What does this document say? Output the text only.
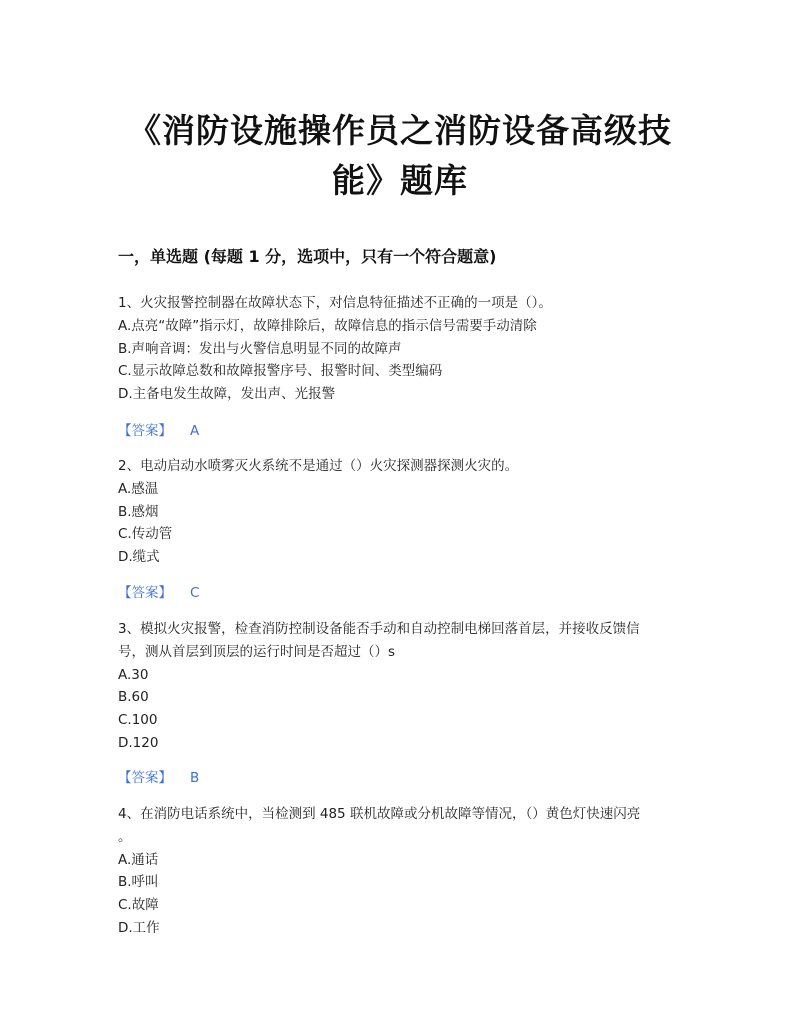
《消防设施操作员之消防设备高级技
能》题库
一，单选题 (每题 1 分，选项中，只有一个符合题意)
1、火灾报警控制器在故障状态下，对信息特征描述不正确的一项是（）。
A.点亮“故障”指示灯，故障排除后，故障信息的指示信号需要手动清除
B.声响音调：发出与火警信息明显不同的故障声
C.显示故障总数和故障报警序号、报警时间、类型编码
D.主备电发生故障，发出声、光报警
【答案】 A
2、电动启动水喷雾灭火系统不是通过（）火灾探测器探测火灾的。
A.感温
B.感烟
C.传动管
D.缆式
【答案】 C
3、模拟火灾报警，检查消防控制设备能否手动和自动控制电梯回落首层，并接收反馈信
号，测从首层到顶层的运行时间是否超过（）s
A.30
B.60
C.100
D.120
【答案】 B
4、在消防电话系统中，当检测到 485 联机故障或分机故障等情况，（）黄色灯快速闪亮
。
A.通话
B.呼叫
C.故障
D.工作
